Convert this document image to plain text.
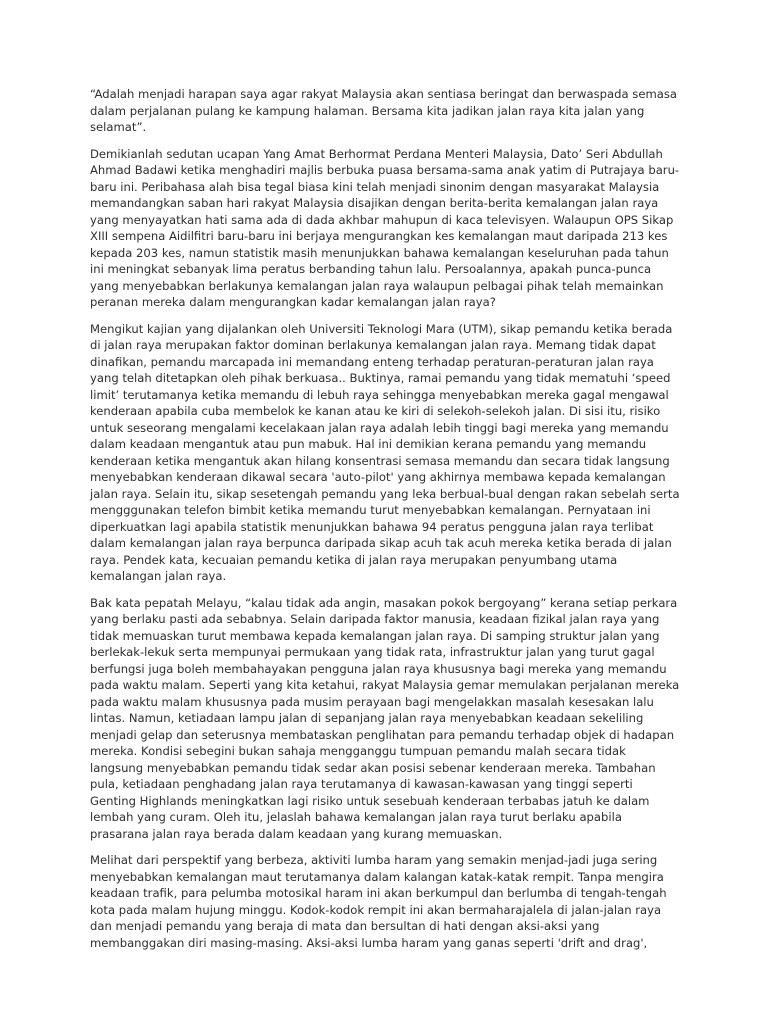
“Adalah menjadi harapan saya agar rakyat Malaysia akan sentiasa beringat dan berwaspada semasa dalam perjalanan pulang ke kampung halaman. Bersama kita jadikan jalan raya kita jalan yang selamat”.

Demikianlah sedutan ucapan Yang Amat Berhormat Perdana Menteri Malaysia, Dato’ Seri Abdullah Ahmad Badawi ketika menghadiri majlis berbuka puasa bersama-sama anak yatim di Putrajaya baru-baru ini. Peribahasa alah bisa tegal biasa kini telah menjadi sinonim dengan masyarakat Malaysia memandangkan saban hari rakyat Malaysia disajikan dengan berita-berita kemalangan jalan raya yang menyayatkan hati sama ada di dada akhbar mahupun di kaca televisyen. Walaupun OPS Sikap XIII sempena Aidilfitri baru-baru ini berjaya mengurangkan kes kemalangan maut daripada 213 kes kepada 203 kes, namun statistik masih menunjukkan bahawa kemalangan keseluruhan pada tahun ini meningkat sebanyak lima peratus berbanding tahun lalu. Persoalannya, apakah punca-punca yang menyebabkan berlakunya kemalangan jalan raya walaupun pelbagai pihak telah memainkan peranan mereka dalam mengurangkan kadar kemalangan jalan raya?

Mengikut kajian yang dijalankan oleh Universiti Teknologi Mara (UTM), sikap pemandu ketika berada di jalan raya merupakan faktor dominan berlakunya kemalangan jalan raya. Memang tidak dapat dinafikan, pemandu marcapada ini memandang enteng terhadap peraturan-peraturan jalan raya yang telah ditetapkan oleh pihak berkuasa.. Buktinya, ramai pemandu yang tidak mematuhi ‘speed limit’ terutamanya ketika memandu di lebuh raya sehingga menyebabkan mereka gagal mengawal kenderaan apabila cuba membelok ke kanan atau ke kiri di selekoh-selekoh jalan. Di sisi itu, risiko untuk seseorang mengalami kecelakaan jalan raya adalah lebih tinggi bagi mereka yang memandu dalam keadaan mengantuk atau pun mabuk. Hal ini demikian kerana pemandu yang memandu kenderaan ketika mengantuk akan hilang konsentrasi semasa memandu dan secara tidak langsung menyebabkan kenderaan dikawal secara 'auto-pilot' yang akhirnya membawa kepada kemalangan jalan raya. Selain itu, sikap sesetengah pemandu yang leka berbual-bual dengan rakan sebelah serta mengggunakan telefon bimbit ketika memandu turut menyebabkan kemalangan. Pernyataan ini diperkuatkan lagi apabila statistik menunjukkan bahawa 94 peratus pengguna jalan raya terlibat dalam kemalangan jalan raya berpunca daripada sikap acuh tak acuh mereka ketika berada di jalan raya. Pendek kata, kecuaian pemandu ketika di jalan raya merupakan penyumbang utama kemalangan jalan raya.

Bak kata pepatah Melayu, “kalau tidak ada angin, masakan pokok bergoyang” kerana setiap perkara yang berlaku pasti ada sebabnya. Selain daripada faktor manusia, keadaan fizikal jalan raya yang tidak memuaskan turut membawa kepada kemalangan jalan raya. Di samping struktur jalan yang berlekak-lekuk serta mempunyai permukaan yang tidak rata, infrastruktur jalan yang turut gagal berfungsi juga boleh membahayakan pengguna jalan raya khususnya bagi mereka yang memandu pada waktu malam. Seperti yang kita ketahui, rakyat Malaysia gemar memulakan perjalanan mereka pada waktu malam khususnya pada musim perayaan bagi mengelakkan masalah kesesakan lalu lintas. Namun, ketiadaan lampu jalan di sepanjang jalan raya menyebabkan keadaan sekeliling menjadi gelap dan seterusnya membataskan penglihatan para pemandu terhadap objek di hadapan mereka. Kondisi sebegini bukan sahaja mengganggu tumpuan pemandu malah secara tidak langsung menyebabkan pemandu tidak sedar akan posisi sebenar kenderaan mereka. Tambahan pula, ketiadaan penghadang jalan raya terutamanya di kawasan-kawasan yang tinggi seperti Genting Highlands meningkatkan lagi risiko untuk sesebuah kenderaan terbabas jatuh ke dalam lembah yang curam. Oleh itu, jelaslah bahawa kemalangan jalan raya turut berlaku apabila prasarana jalan raya berada dalam keadaan yang kurang memuaskan.

Melihat dari perspektif yang berbeza, aktiviti lumba haram yang semakin menjad-jadi juga sering menyebabkan kemalangan maut terutamanya dalam kalangan katak-katak rempit. Tanpa mengira keadaan trafik, para pelumba motosikal haram ini akan berkumpul dan berlumba di tengah-tengah kota pada malam hujung minggu. Kodok-kodok rempit ini akan bermaharajalela di jalan-jalan raya dan menjadi pemandu yang beraja di mata dan bersultan di hati dengan aksi-aksi yang membanggakan diri masing-masing. Aksi-aksi lumba haram yang ganas seperti 'drift and drag',
